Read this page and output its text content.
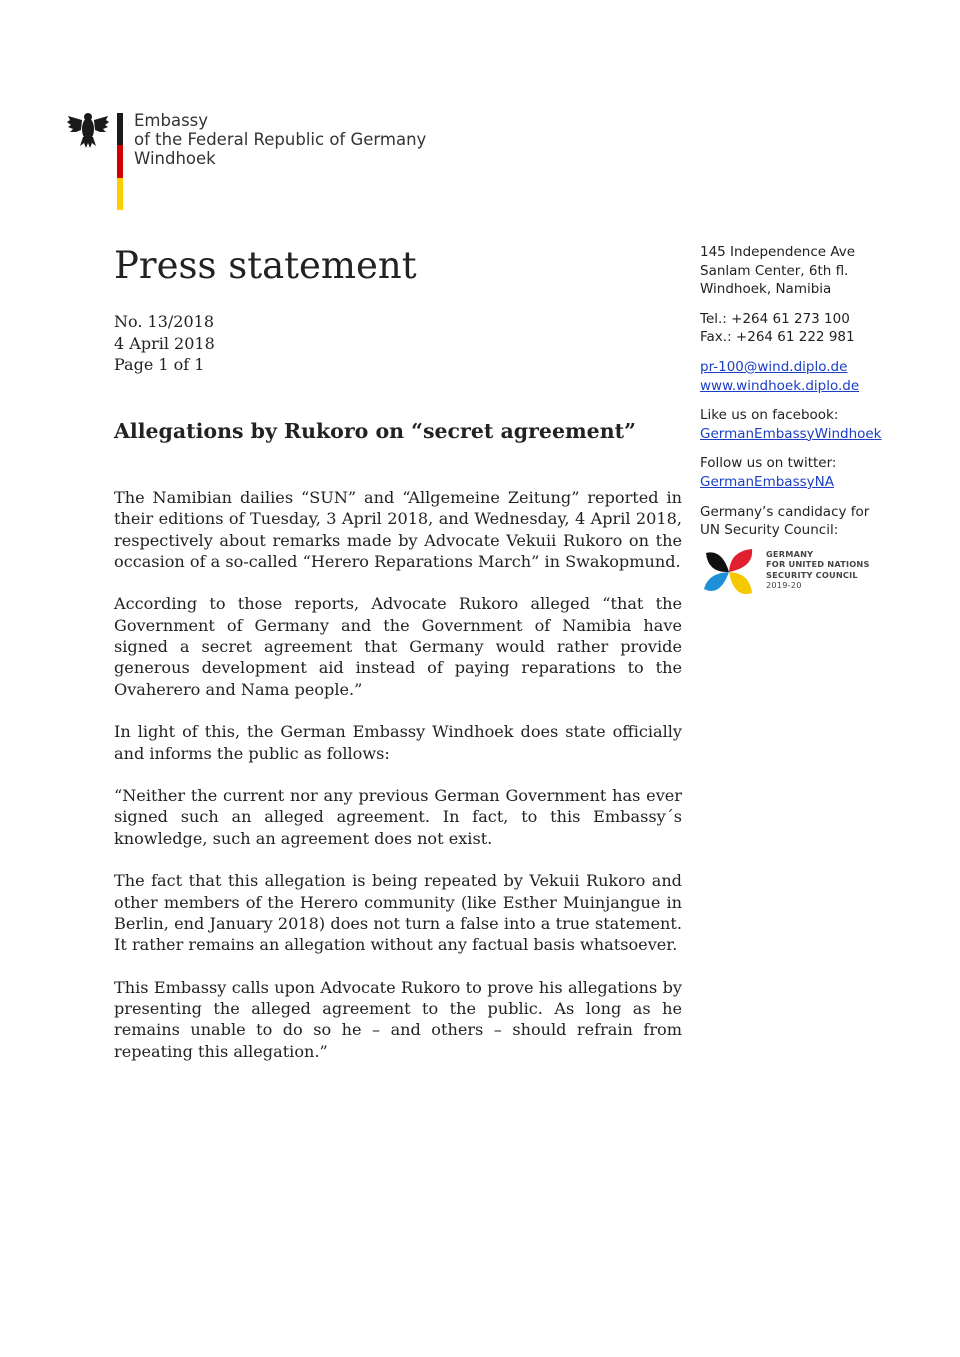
Embassy
of the Federal Republic of Germany
Windhoek
Press statement
No. 13/2018
4 April 2018
Page 1 of 1
Allegations by Rukoro on “secret agreement”

The Namibian dailies “SUN” and “Allgemeine Zeitung” reported in their editions of Tuesday, 3 April 2018, and Wednesday, 4 April 2018, respectively about remarks made by Advocate Vekuii Rukoro on the occasion of a so-called “Herero Reparations March” in Swakopmund.

According to those reports, Advocate Rukoro alleged “that the Government of Germany and the Government of Namibia have signed a secret agreement that Germany would rather provide generous development aid instead of paying reparations to the Ovaherero and Nama people.”

In light of this, the German Embassy Windhoek does state officially and informs the public as follows:

“Neither the current nor any previous German Government has ever signed such an alleged agreement. In fact, to this Embassy´s knowledge, such an agreement does not exist.

The fact that this allegation is being repeated by Vekuii Rukoro and other members of the Herero community (like Esther Muinjangue in Berlin, end January 2018) does not turn a false into a true statement. It rather remains an allegation without any factual basis whatsoever.

This Embassy calls upon Advocate Rukoro to prove his allegations by presenting the alleged agreement to the public. As long as he remains unable to do so he – and others – should refrain from repeating this allegation.”

145 Independence Ave
Sanlam Center, 6th fl.
Windhoek, Namibia
Tel.: +264 61 273 100
Fax.: +264 61 222 981
pr-100@wind.diplo.de
www.windhoek.diplo.de
Like us on facebook:
GermanEmbassyWindhoek
Follow us on twitter:
GermanEmbassyNA
Germany’s candidacy for
UN Security Council:
GERMANY
FOR UNITED NATIONS
SECURITY COUNCIL
2019-20
